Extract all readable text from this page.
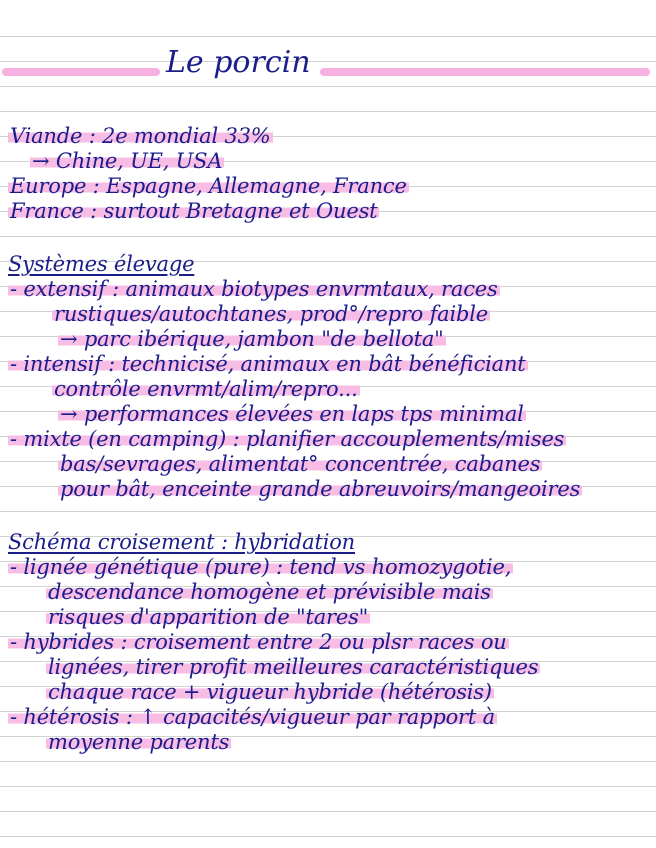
Le porcin
Viande : 2e mondial 33%
→ Chine, UE, USA
Europe : Espagne, Allemagne, France
France : surtout Bretagne et Ouest
Systèmes élevage
- extensif : animaux biotypes envrmtaux, races
rustiques/autochtanes, prod°/repro faible
→ parc ibérique, jambon "de bellota"
- intensif : technicisé, animaux en bât bénéficiant
contrôle envrmt/alim/repro...
→ performances élevées en laps tps minimal
- mixte (en camping) : planifier accouplements/mises
bas/sevrages, alimentat° concentrée, cabanes
pour bât, enceinte grande abreuvoirs/mangeoires
Schéma croisement : hybridation
- lignée génétique (pure) : tend vs homozygotie,
descendance homogène et prévisible mais
risques d'apparition de "tares"
- hybrides : croisement entre 2 ou plsr races ou
lignées, tirer profit meilleures caractéristiques
chaque race + vigueur hybride (hétérosis)
- hétérosis : ↑ capacités/vigueur par rapport à
moyenne parents
